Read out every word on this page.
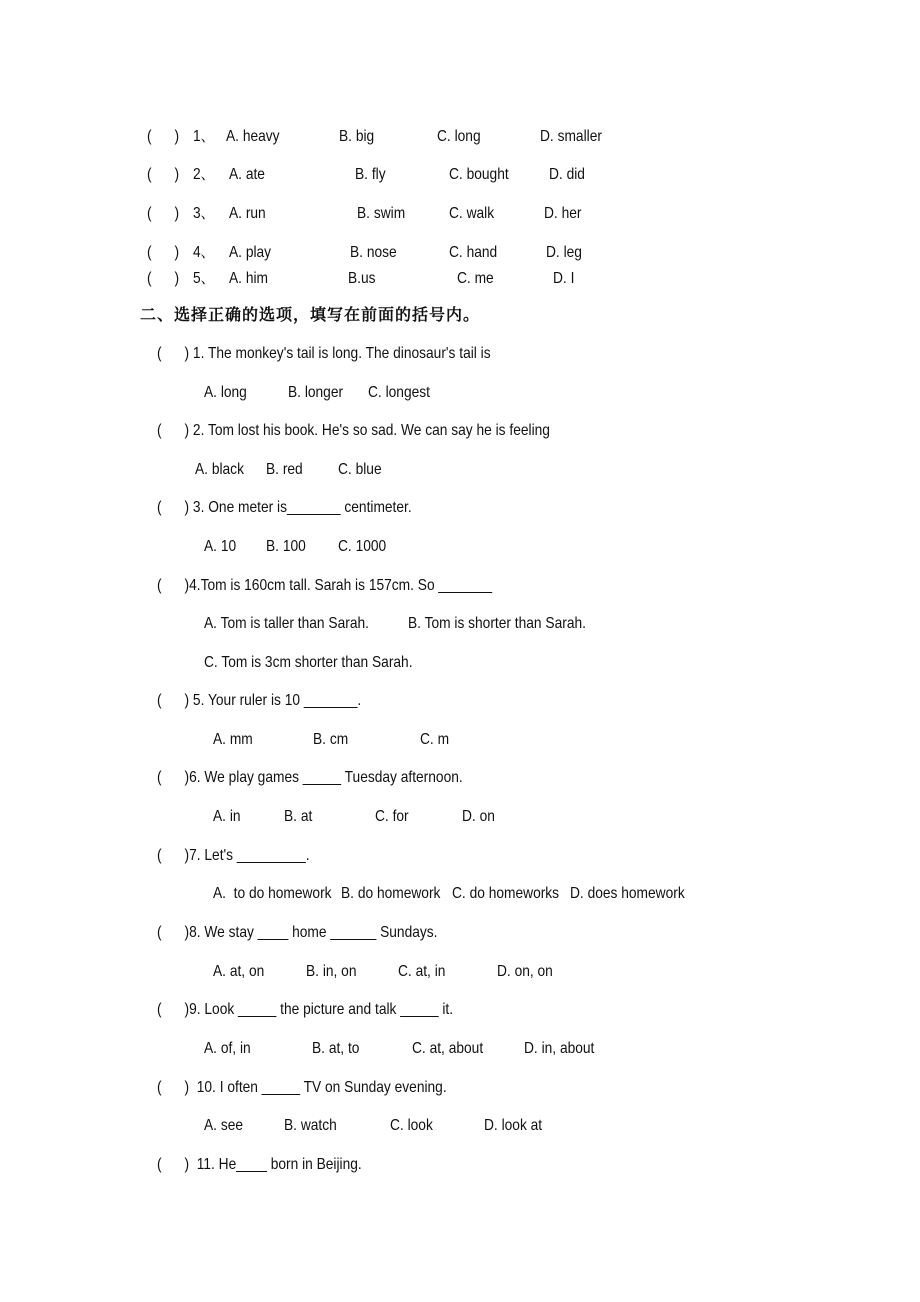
(      ) 1、 A. heavy	B. big	C. long	D. smaller
(      ) 2、 A. ate	B. fly	C. bought	D. did
(      ) 3、 A. run	B. swim	C. walk	D. her
(      ) 4、 A. play	B. nose	C. hand	D. leg
(      ) 5、 A. him	B.us	C. me	D. I
二、选择正确的选项，填写在前面的括号内。
(      ) 1. The monkey's tail is long. The dinosaur's tail is
A. long	B. longer C. longest
(      ) 2. Tom lost his book. He's so sad. We can say he is feeling
A. black B. red C. blue
(      ) 3. One meter is_______ centimeter.
A. 10 B. 100 C. 1000
(      )4.Tom is 160cm tall. Sarah is 157cm. So _______
A. Tom is taller than Sarah. B. Tom is shorter than Sarah.
C. Tom is 3cm shorter than Sarah.
(      ) 5. Your ruler is 10 _______.
A. mm	B. cm	C. m
(      )6. We play games _____ Tuesday afternoon.
A. in	B. at	C. for	D. on
(      )7. Let's _________.
A.  to do homework B. do homework C. do homeworks D. does homework
(      )8. We stay ____ home ______ Sundays.
A. at, on	B. in, on	C. at, in	D. on, on
(      )9. Look _____ the picture and talk _____ it.
A. of, in	B. at, to	C. at, about	D. in, about
(      )  10. I often _____ TV on Sunday evening.
A. see	B. watch	C. look	D. look at
(      )  11. He____ born in Beijing.
